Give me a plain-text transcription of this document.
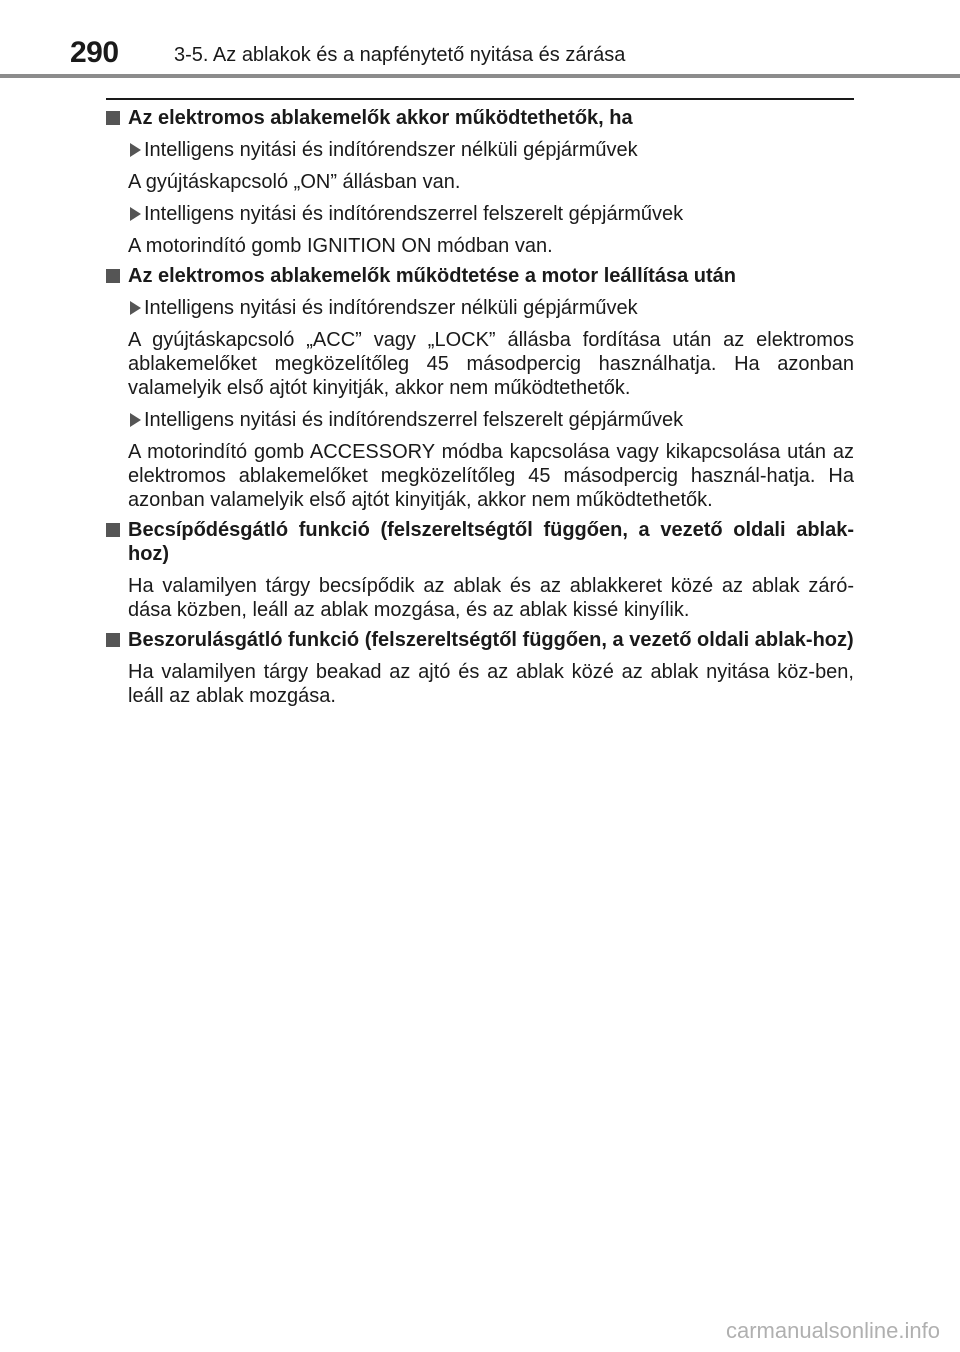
290	3-5. Az ablakok és a napfénytető nyitása és zárása
Az elektromos ablakemelők akkor működtethetők, ha
Intelligens nyitási és indítórendszer nélküli gépjárművek
A gyújtáskapcsoló „ON” állásban van.
Intelligens nyitási és indítórendszerrel felszerelt gépjárművek
A motorindító gomb IGNITION ON módban van.
Az elektromos ablakemelők működtetése a motor leállítása után
Intelligens nyitási és indítórendszer nélküli gépjárművek
A gyújtáskapcsoló „ACC” vagy „LOCK” állásba fordítása után az elektromos ablakemelőket megközelítőleg 45 másodpercig használhatja. Ha azonban valamelyik első ajtót kinyitják, akkor nem működtethetők.
Intelligens nyitási és indítórendszerrel felszerelt gépjárművek
A motorindító gomb ACCESSORY módba kapcsolása vagy kikapcsolása után az elektromos ablakemelőket megközelítőleg 45 másodpercig használ-hatja. Ha azonban valamelyik első ajtót kinyitják, akkor nem működtethetők.
Becsípődésgátló funkció (felszereltségtől függően, a vezető oldali ablak-hoz)
Ha valamilyen tárgy becsípődik az ablak és az ablakkeret közé az ablak záró-dása közben, leáll az ablak mozgása, és az ablak kissé kinyílik.
Beszorulásgátló funkció (felszereltségtől függően, a vezető oldali ablak-hoz)
Ha valamilyen tárgy beakad az ajtó és az ablak közé az ablak nyitása köz-ben, leáll az ablak mozgása.
carmanualsonline.info
